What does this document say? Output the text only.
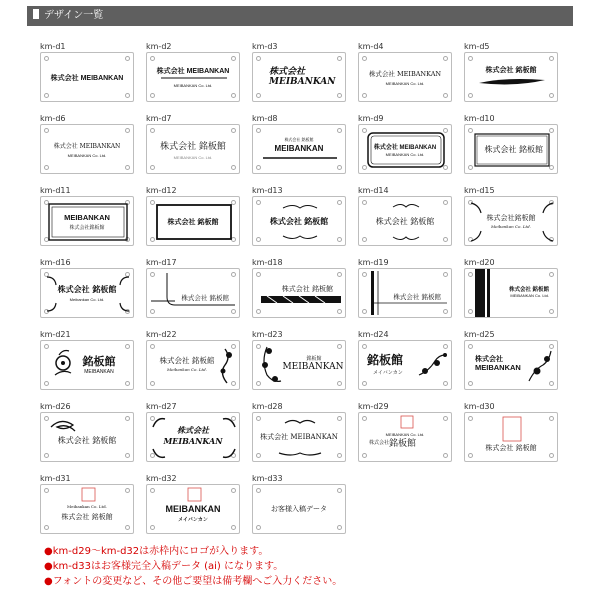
デザイン一覧
km-d1
株式会社 MEIBANKAN
km-d2
株式会社 MEIBANKAN
MEIBANKAN Co. Ltd.
km-d3
株式会社
MEIBANKAN
km-d4
株式会社 MEIBANKAN
MEIBANKAN Co. Ltd.
km-d5
株式会社 銘板館
km-d6
株式会社 MEIBANKAN
MEIBANKAN Co. Ltd.
km-d7
株式会社 銘板館
MEIBANKAN Co. Ltd.
km-d8
株式会社 銘板館
MEIBANKAN
km-d9
株式会社 MEIBANKAN
MEIBANKAN Co. Ltd.
km-d10
株式会社 銘板館
km-d11
MEIBANKAN
株式会社銘板館
km-d12
株式会社 銘板館
km-d13
株式会社 銘板館
km-d14
株式会社 銘板館
km-d15
株式会社銘板館
Meibankan Co. Ltd.
km-d16
株式会社 銘板館
Meibankan Co. Ltd.
km-d17
株式会社 銘板館
km-d18
株式会社 銘板館
km-d19
株式会社 銘板館
km-d20
株式会社 銘板館
MEIBANKAN Co. Ltd.
km-d21
銘板館
MEIBANKAN
km-d22
株式会社 銘板館
Meibankan Co. Ltd.
km-d23
銘板館
MEIBANKAN
km-d24
銘板館
メイバンカン
km-d25
株式会社
MEIBANKAN
km-d26
株式会社 銘板館
km-d27
株式会社
MEIBANKAN
km-d28
株式会社 MEIBANKAN
km-d29
MEIBANKAN Co. Ltd.
株式会社 銘板館
km-d30
株式会社 銘板館
km-d31
Meibankan Co. Ltd.
株式会社 銘板館
km-d32
MEIBANKAN
メイバンカン
km-d33
お客様入稿データ
●km-d29～km-d32は赤枠内にロゴが入ります。
●km-d33はお客様完全入稿データ (ai) になります。
●フォントの変更など、その他ご要望は備考欄へご入力ください。
